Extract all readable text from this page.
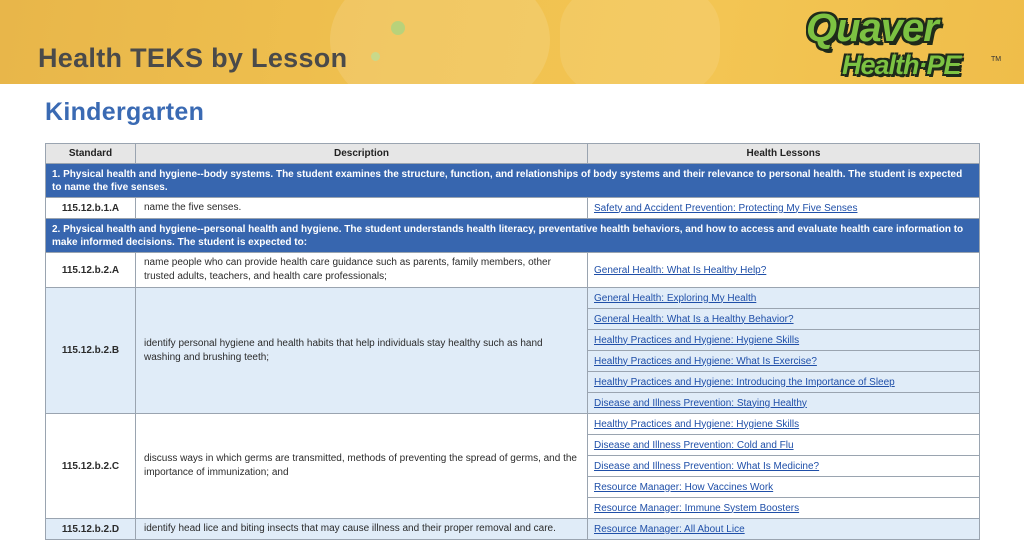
Health TEKS by Lesson
Quaver
Health·PE	TM
Kindergarten
Standard	Description	Health Lessons
1. Physical health and hygiene--body systems. The student examines the structure, function, and relationships of body systems and their relevance to personal health. The student is expected to name the five senses.		
115.12.b.1.A	name the five senses.	Safety and Accident Prevention: Protecting My Five Senses
2. Physical health and hygiene--personal health and hygiene. The student understands health literacy, preventative health behaviors, and how to access and evaluate health care information to make informed decisions. The student is expected to:		
115.12.b.2.A	name people who can provide health care guidance such as parents, family members, other trusted adults, teachers, and health care professionals;	General Health: What Is Healthy Help?
115.12.b.2.B	identify personal hygiene and health habits that help individuals stay healthy such as hand washing and brushing teeth;	General Health: Exploring My Health
		General Health: What Is a Healthy Behavior?
		Healthy Practices and Hygiene: Hygiene Skills
		Healthy Practices and Hygiene: What Is Exercise?
		Healthy Practices and Hygiene: Introducing the Importance of Sleep
		Disease and Illness Prevention: Staying Healthy
115.12.b.2.C	discuss ways in which germs are transmitted, methods of preventing the spread of germs, and the importance of immunization; and	Healthy Practices and Hygiene: Hygiene Skills
		Disease and Illness Prevention: Cold and Flu
		Disease and Illness Prevention: What Is Medicine?
		Resource Manager: How Vaccines Work
		Resource Manager: Immune System Boosters
115.12.b.2.D	identify head lice and biting insects that may cause illness and their proper removal and care.	Resource Manager: All About Lice
